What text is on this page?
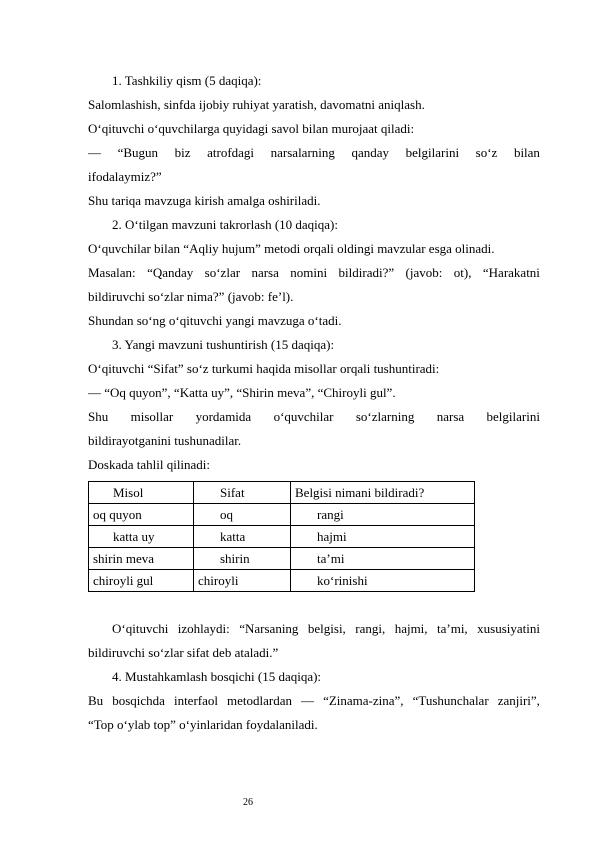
1. Tashkiliy qism (5 daqiqa):
Salomlashish, sinfda ijobiy ruhiyat yaratish, davomatni aniqlash.
O‘qituvchi o‘quvchilarga quyidagi savol bilan murojaat qiladi:
— “Bugun biz atrofdagi narsalarning qanday belgilarini so‘z bilan
ifodalaymiz?”
Shu tariqa mavzuga kirish amalga oshiriladi.
2. O‘tilgan mavzuni takrorlash (10 daqiqa):
O‘quvchilar bilan “Aqliy hujum” metodi orqali oldingi mavzular esga olinadi.
Masalan: “Qanday so‘zlar narsa nomini bildiradi?” (javob: ot), “Harakatni
bildiruvchi so‘zlar nima?” (javob: fe’l).
Shundan so‘ng o‘qituvchi yangi mavzuga o‘tadi.
3. Yangi mavzuni tushuntirish (15 daqiqa):
O‘qituvchi “Sifat” so‘z turkumi haqida misollar orqali tushuntiradi:
— “Oq quyon”, “Katta uy”, “Shirin meva”, “Chiroyli gul”.
Shu misollar yordamida o‘quvchilar so‘zlarning narsa belgilarini
bildirayotganini tushunadilar.
Doskada tahlil qilinadi:
Misol	Sifat	Belgisi nimani bildiradi?
oq quyon	oq	rangi
katta uy	katta	hajmi
shirin meva	shirin	ta’mi
chiroyli gul	chiroyli	ko‘rinishi
O‘qituvchi izohlaydi: “Narsaning belgisi, rangi, hajmi, ta’mi, xususiyatini
bildiruvchi so‘zlar sifat deb ataladi.”
4. Mustahkamlash bosqichi (15 daqiqa):
Bu bosqichda interfaol metodlardan — “Zinama-zina”, “Tushunchalar zanjiri”,
“Top o‘ylab top” o‘yinlaridan foydalaniladi.
26
